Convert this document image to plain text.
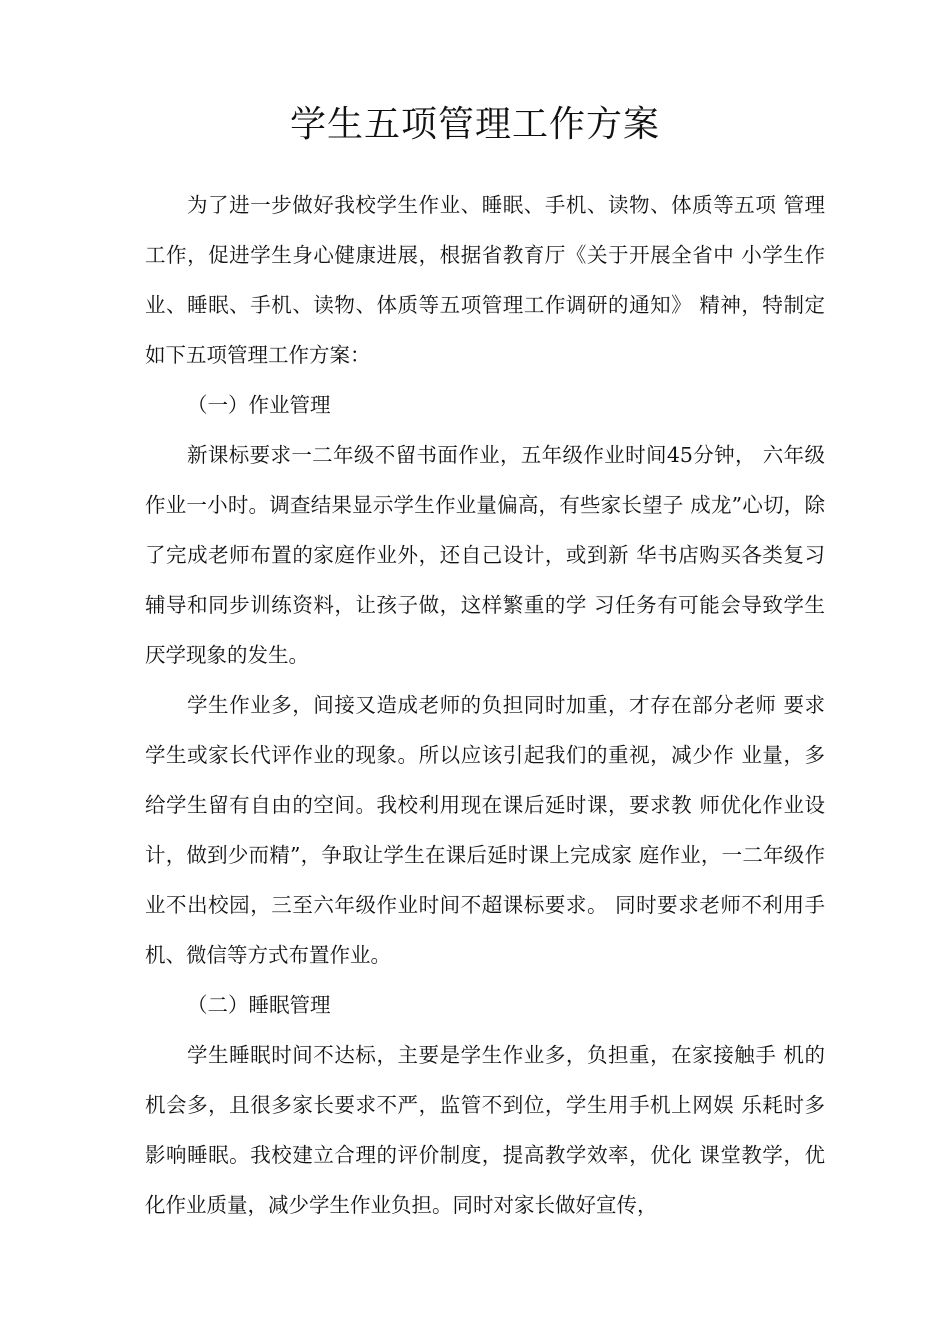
学生五项管理工作方案

为了进一步做好我校学生作业、睡眠、手机、读物、体质等五项 管理工作，促进学生身心健康进展，根据省教育厅《关于开展全省中 小学生作业、睡眠、手机、读物、体质等五项管理工作调研的通知》 精神，特制定如下五项管理工作方案：

（一）作业管理

新课标要求一二年级不留书面作业，五年级作业时间45分钟， 六年级作业一小时。调查结果显示学生作业量偏高，有些家长望子 成龙”心切，除了完成老师布置的家庭作业外，还自己设计，或到新 华书店购买各类复习辅导和同步训练资料，让孩子做，这样繁重的学 习任务有可能会导致学生厌学现象的发生。

学生作业多，间接又造成老师的负担同时加重，才存在部分老师 要求学生或家长代评作业的现象。所以应该引起我们的重视，减少作 业量，多给学生留有自由的空间。我校利用现在课后延时课，要求教 师优化作业设计，做到少而精”，争取让学生在课后延时课上完成家 庭作业，一二年级作业不出校园，三至六年级作业时间不超课标要求。 同时要求老师不利用手机、微信等方式布置作业。

（二）睡眠管理

学生睡眠时间不达标，主要是学生作业多，负担重，在家接触手 机的机会多，且很多家长要求不严，监管不到位，学生用手机上网娱 乐耗时多影响睡眠。我校建立合理的评价制度，提高教学效率，优化 课堂教学，优化作业质量，减少学生作业负担。同时对家长做好宣传，
